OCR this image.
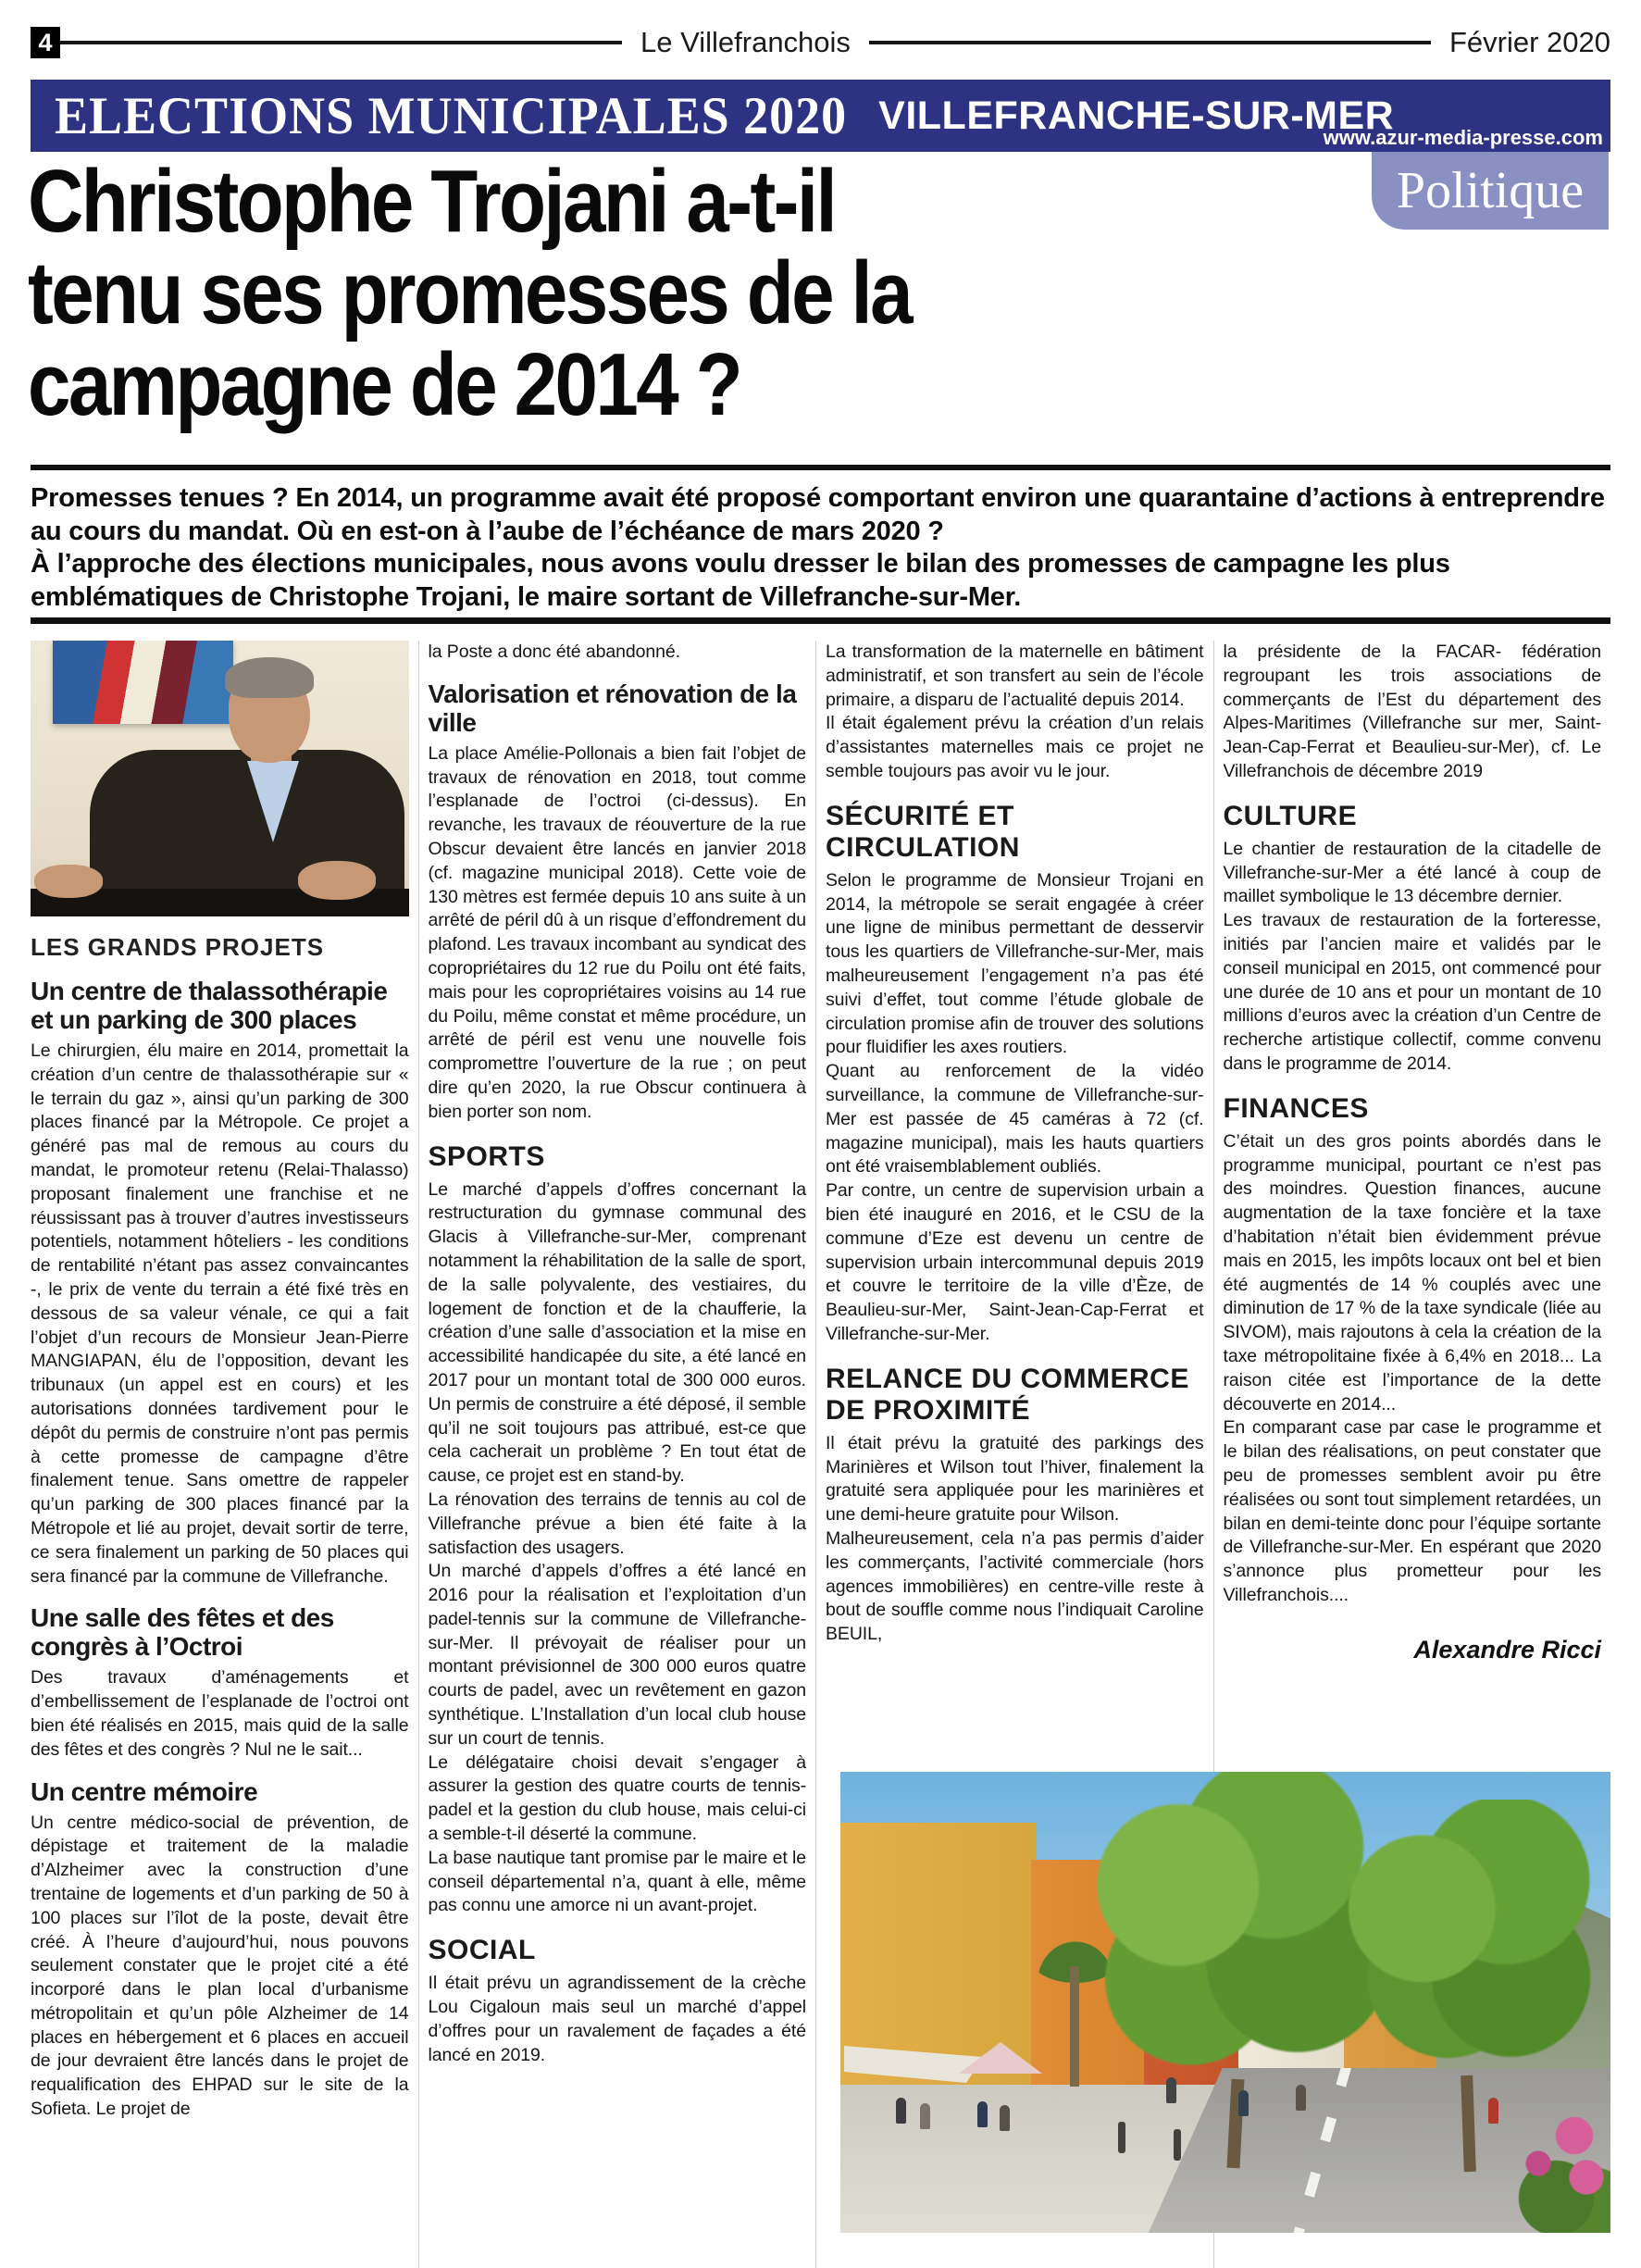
4	Le Villefranchois	Février 2020
ELECTIONS MUNICIPALES 2020 VILLEFRANCHE-SUR-MER
www.azur-media-presse.com
Politique
Christophe Trojani a-t-il
tenu ses promesses de la
campagne de 2014 ?

Promesses tenues ? En 2014, un programme avait été proposé comportant environ une quarantaine d’actions à entreprendre au cours du mandat. Où en est-on à l’aube de l’échéance de mars 2020 ?

À l’approche des élections municipales, nous avons voulu dresser le bilan des promesses de campagne les plus emblématiques de Christophe Trojani, le maire sortant de Villefranche-sur-Mer.

LES GRANDS PROJETS
Un centre de thalassothérapie et un parking de 300 places

Le chirurgien, élu maire en 2014, promettait la création d’un centre de thalassothérapie sur « le terrain du gaz », ainsi qu’un parking de 300 places financé par la Métropole. Ce projet a généré pas mal de remous au cours du mandat, le promoteur retenu (Relai-Thalasso) proposant finalement une franchise et ne réussissant pas à trouver d’autres investisseurs potentiels, notamment hôteliers - les conditions de rentabilité n’étant pas assez convaincantes -, le prix de vente du terrain a été fixé très en dessous de sa valeur vénale, ce qui a fait l’objet d’un recours de Monsieur Jean-Pierre MANGIAPAN, élu de l’opposition, devant les tribunaux (un appel est en cours) et les autorisations données tardivement pour le dépôt du permis de construire n’ont pas permis à cette promesse de campagne d’être finalement tenue. Sans omettre de rappeler qu’un parking de 300 places financé par la Métropole et lié au projet, devait sortir de terre, ce sera finalement un parking de 50 places qui sera financé par la commune de Villefranche.

Une salle des fêtes et des congrès à l’Octroi

Des travaux d’aménagements et d’embellissement de l’esplanade de l’octroi ont bien été réalisés en 2015, mais quid de la salle des fêtes et des congrès ? Nul ne le sait...

Un centre mémoire

Un centre médico-social de prévention, de dépistage et traitement de la maladie d’Alzheimer avec la construction d’une trentaine de logements et d’un parking de 50 à 100 places sur l’îlot de la poste, devait être créé. À l’heure d’aujourd’hui, nous pouvons seulement constater que le projet cité a été incorporé dans le plan local d’urbanisme métropolitain et qu’un pôle Alzheimer de 14 places en hébergement et 6 places en accueil de jour devraient être lancés dans le projet de requalification des EHPAD sur le site de la Sofieta. Le projet de

la Poste a donc été abandonné.

Valorisation et rénovation de la ville

La place Amélie-Pollonais a bien fait l’objet de travaux de rénovation en 2018, tout comme l’esplanade de l’octroi (ci-dessus). En revanche, les travaux de réouverture de la rue Obscur devaient être lancés en janvier 2018 (cf. magazine municipal 2018). Cette voie de 130 mètres est fermée depuis 10 ans suite à un arrêté de péril dû à un risque d’effondrement du plafond. Les travaux incombant au syndicat des copropriétaires du 12 rue du Poilu ont été faits, mais pour les copropriétaires voisins au 14 rue du Poilu, même constat et même procédure, un arrêté de péril est venu une nouvelle fois compromettre l’ouverture de la rue ; on peut dire qu’en 2020, la rue Obscur continuera à bien porter son nom.

SPORTS

Le marché d’appels d’offres concernant la restructuration du gymnase communal des Glacis à Villefranche-sur-Mer, comprenant notamment la réhabilitation de la salle de sport, de la salle polyvalente, des vestiaires, du logement de fonction et de la chaufferie, la création d’une salle d’association et la mise en accessibilité handicapée du site, a été lancé en 2017 pour un montant total de 300 000 euros. Un permis de construire a été déposé, il semble qu’il ne soit toujours pas attribué, est-ce que cela cacherait un problème ? En tout état de cause, ce projet est en stand-by.

La rénovation des terrains de tennis au col de Villefranche prévue a bien été faite à la satisfaction des usagers.

Un marché d’appels d’offres a été lancé en 2016 pour la réalisation et l’exploitation d’un padel-tennis sur la commune de Villefranche-sur-Mer. Il prévoyait de réaliser pour un montant prévisionnel de 300 000 euros quatre courts de padel, avec un revêtement en gazon synthétique. L’Installation d’un local club house sur un court de tennis.

Le délégataire choisi devait s’engager à assurer la gestion des quatre courts de tennis-padel et la gestion du club house, mais celui-ci a semble-t-il déserté la commune.

La base nautique tant promise par le maire et le conseil départemental n’a, quant à elle, même pas connu une amorce ni un avant-projet.

SOCIAL

Il était prévu un agrandissement de la crèche Lou Cigaloun mais seul un marché d’appel d’offres pour un ravalement de façades a été lancé en 2019.

La transformation de la maternelle en bâtiment administratif, et son transfert au sein de l’école primaire, a disparu de l’actualité depuis 2014.

Il était également prévu la création d’un relais d’assistantes maternelles mais ce projet ne semble toujours pas avoir vu le jour.

SÉCURITÉ ET CIRCULATION

Selon le programme de Monsieur Trojani en 2014, la métropole se serait engagée à créer une ligne de minibus permettant de desservir tous les quartiers de Villefranche-sur-Mer, mais malheureusement l’engagement n’a pas été suivi d’effet, tout comme l’étude globale de circulation promise afin de trouver des solutions pour fluidifier les axes routiers.

Quant au renforcement de la vidéo surveillance, la commune de Villefranche-sur-Mer est passée de 45 caméras à 72 (cf. magazine municipal), mais les hauts quartiers ont été vraisemblablement oubliés.

Par contre, un centre de supervision urbain a bien été inauguré en 2016, et le CSU de la commune d’Eze est devenu un centre de supervision urbain intercommunal depuis 2019 et couvre le territoire de la ville d’Èze, de Beaulieu-sur-Mer, Saint-Jean-Cap-Ferrat et Villefranche-sur-Mer.

RELANCE DU COMMERCE DE PROXIMITÉ

Il était prévu la gratuité des parkings des Marinières et Wilson tout l’hiver, finalement la gratuité sera appliquée pour les marinières et une demi-heure gratuite pour Wilson.

Malheureusement, cela n’a pas permis d’aider les commerçants, l’activité commerciale (hors agences immobilières) en centre-ville reste à bout de souffle comme nous l’indiquait Caroline BEUIL,

la présidente de la FACAR- fédération regroupant les trois associations de commerçants de l’Est du département des Alpes-Maritimes (Villefranche sur mer, Saint-Jean-Cap-Ferrat et Beaulieu-sur-Mer), cf. Le Villefranchois de décembre 2019

CULTURE

Le chantier de restauration de la citadelle de Villefranche-sur-Mer a été lancé à coup de maillet symbolique le 13 décembre dernier.

Les travaux de restauration de la forteresse, initiés par l’ancien maire et validés par le conseil municipal en 2015, ont commencé pour une durée de 10 ans et pour un montant de 10 millions d’euros avec la création d’un Centre de recherche artistique collectif, comme convenu dans le programme de 2014.

FINANCES

C’était un des gros points abordés dans le programme municipal, pourtant ce n’est pas des moindres. Question finances, aucune augmentation de la taxe foncière et la taxe d’habitation n’était bien évidemment prévue mais en 2015, les impôts locaux ont bel et bien été augmentés de 14 % couplés avec une diminution de 17 % de la taxe syndicale (liée au SIVOM), mais rajoutons à cela la création de la taxe métropolitaine fixée à 6,4% en 2018... La raison citée est l’importance de la dette découverte en 2014...

En comparant case par case le programme et le bilan des réalisations, on peut constater que peu de promesses semblent avoir pu être réalisées ou sont tout simplement retardées, un bilan en demi-teinte donc pour l’équipe sortante de Villefranche-sur-Mer. En espérant que 2020 s’annonce plus prometteur pour les Villefranchois....

Alexandre Ricci
